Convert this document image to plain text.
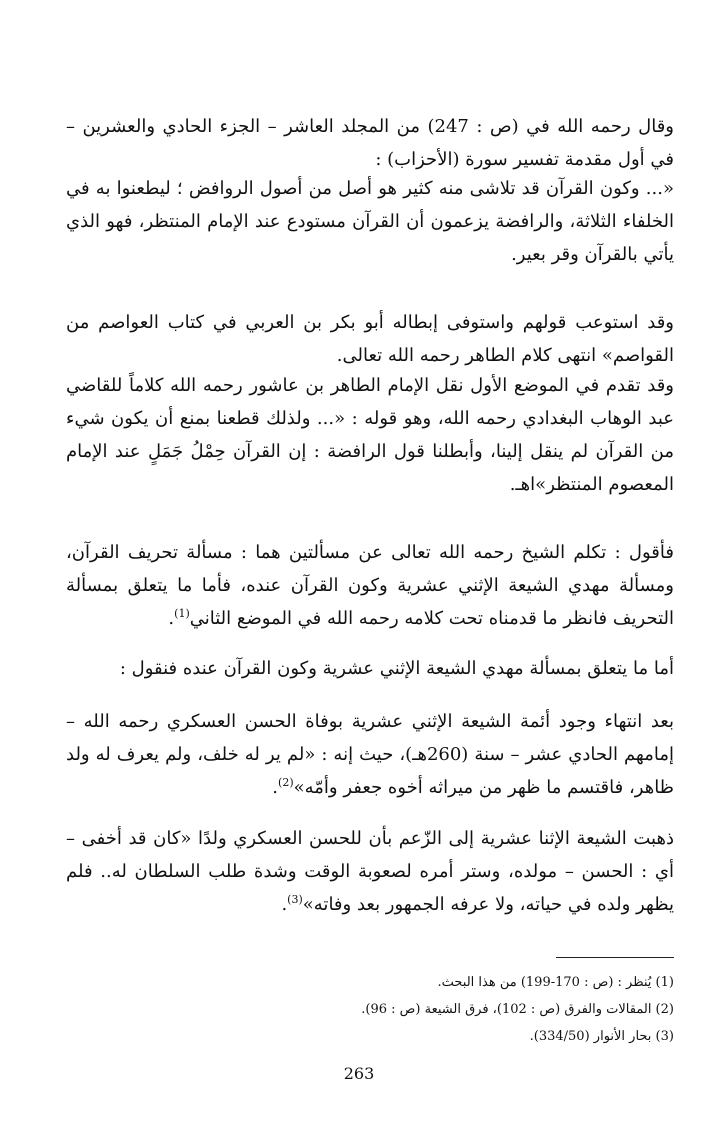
وقال رحمه الله في (ص : 247) من المجلد العاشر – الجزء الحادي والعشرين – في أول مقدمة تفسير سورة (الأحزاب) :

«... وكون القرآن قد تلاشى منه كثير هو أصل من أصول الروافض ؛ ليطعنوا به في الخلفاء الثلاثة، والرافضة يزعمون أن القرآن مستودع عند الإمام المنتظر، فهو الذي يأتي بالقرآن وقر بعير.

وقد استوعب قولهم واستوفى إبطاله أبو بكر بن العربي في كتاب العواصم من القواصم» انتهى كلام الطاهر رحمه الله تعالى.

وقد تقدم في الموضع الأول نقل الإمام الطاهر بن عاشور رحمه الله كلاماً للقاضي عبد الوهاب البغدادي رحمه الله، وهو قوله : «... ولذلك قطعنا بمنع أن يكون شيء من القرآن لم ينقل إلينا، وأبطلنا قول الرافضة : إن القرآن حِمْلُ جَمَلٍ عند الإمام المعصوم المنتظر»اهـ.

فأقول : تكلم الشيخ رحمه الله تعالى عن مسألتين هما : مسألة تحريف القرآن، ومسألة مهدي الشيعة الإثني عشرية وكون القرآن عنده، فأما ما يتعلق بمسألة التحريف فانظر ما قدمناه تحت كلامه رحمه الله في الموضع الثاني$^{(1)}$.

أما ما يتعلق بمسألة مهدي الشيعة الإثني عشرية وكون القرآن عنده فنقول :

بعد انتهاء وجود أئمة الشيعة الإثني عشرية بوفاة الحسن العسكري رحمه الله – إمامهم الحادي عشر – سنة (260هـ)، حيث إنه : «لم ير له خلف، ولم يعرف له ولد ظاهر، فاقتسم ما ظهر من ميراثه أخوه جعفر وأمّه»$^{(2)}$.

ذهبت الشيعة الإثنا عشرية إلى الزّعم بأن للحسن العسكري ولدًا «كان قد أخفى – أي : الحسن – مولده، وستر أمره لصعوبة الوقت وشدة طلب السلطان له.. فلم يظهر ولده في حياته، ولا عرفه الجمهور بعد وفاته»$^{(3)}$.

(1) يُنظر : (ص : 170-199) من هذا البحث.
(2) المقالات والفرق (ص : 102)، فرق الشيعة (ص : 96).
(3) بحار الأنوار (334/50).
263
